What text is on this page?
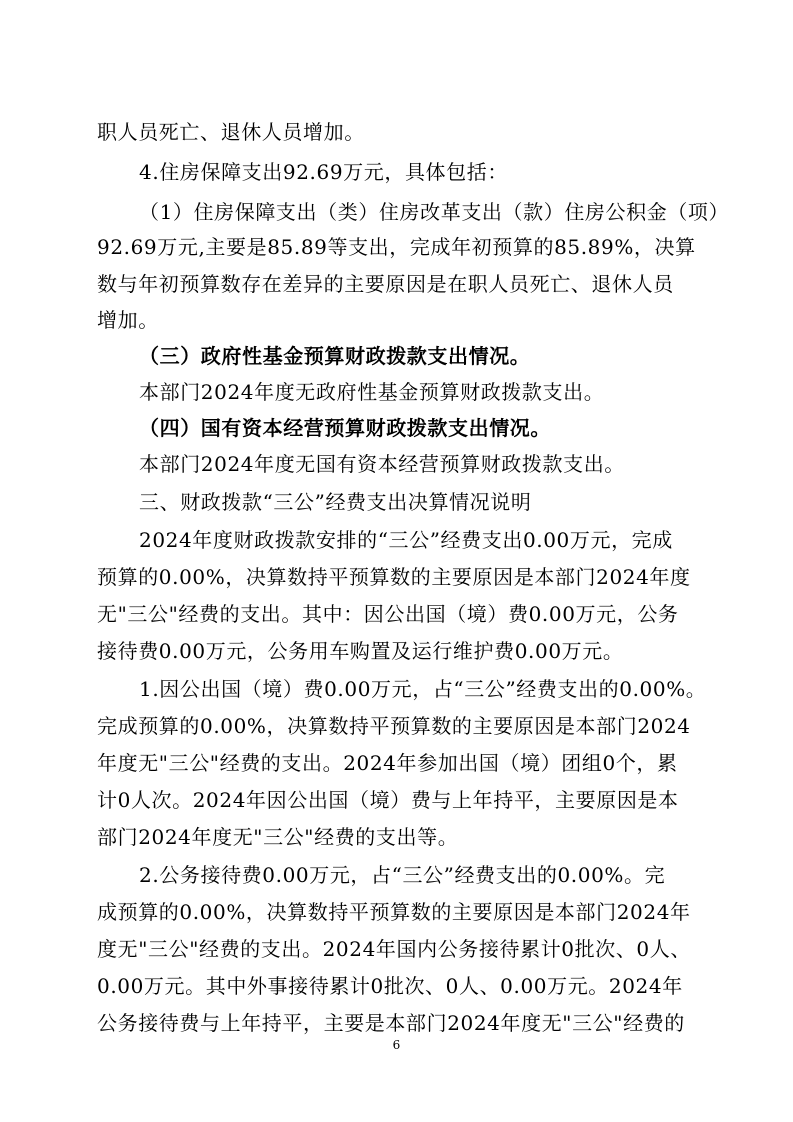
职人员死亡、退休人员增加。
4.住房保障支出92.69万元，具体包括：
（1）住房保障支出（类）住房改革支出（款）住房公积金（项）
92.69万元,主要是85.89等支出，完成年初预算的85.89%，决算
数与年初预算数存在差异的主要原因是在职人员死亡、退休人员
增加。
（三）政府性基金预算财政拨款支出情况。
本部门2024年度无政府性基金预算财政拨款支出。
（四）国有资本经营预算财政拨款支出情况。
本部门2024年度无国有资本经营预算财政拨款支出。
三、财政拨款“三公”经费支出决算情况说明
2024年度财政拨款安排的“三公”经费支出0.00万元，完成
预算的0.00%，决算数持平预算数的主要原因是本部门2024年度
无"三公"经费的支出。其中：因公出国（境）费0.00万元，公务
接待费0.00万元，公务用车购置及运行维护费0.00万元。
1.因公出国（境）费0.00万元，占“三公”经费支出的0.00%。
完成预算的0.00%，决算数持平预算数的主要原因是本部门2024
年度无"三公"经费的支出。2024年参加出国（境）团组0个，累
计0人次。2024年因公出国（境）费与上年持平，主要原因是本
部门2024年度无"三公"经费的支出等。
2.公务接待费0.00万元，占“三公”经费支出的0.00%。完
成预算的0.00%，决算数持平预算数的主要原因是本部门2024年
度无"三公"经费的支出。2024年国内公务接待累计0批次、0人、
0.00万元。其中外事接待累计0批次、0人、0.00万元。2024年
公务接待费与上年持平，主要是本部门2024年度无"三公"经费的
6
